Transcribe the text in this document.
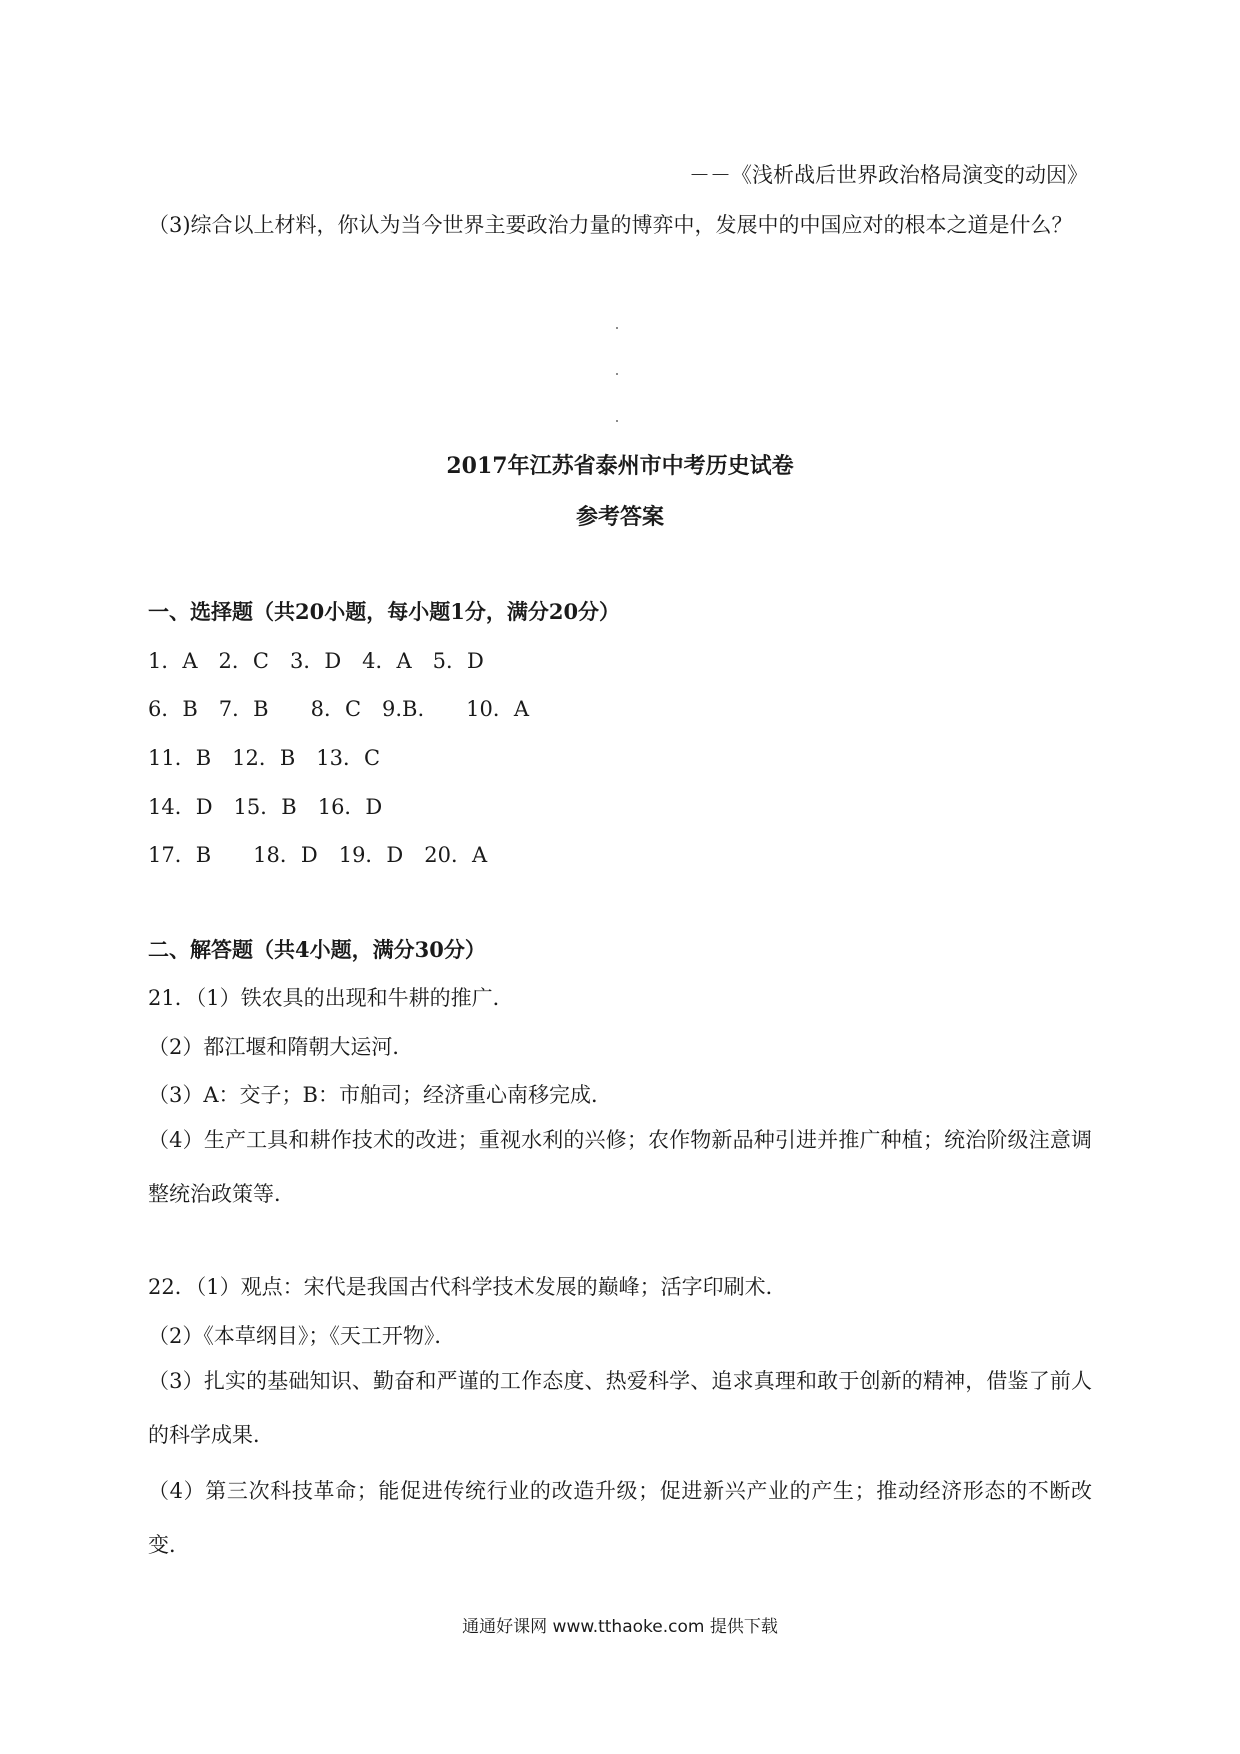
－－《浅析战后世界政治格局演变的动因》
（3)综合以上材料，你认为当今世界主要政治力量的博弈中，发展中的中国应对的根本之道是什么？
2017年江苏省泰州市中考历史试卷
参考答案
一、选择题（共20小题，每小题1分，满分20分）
1．A　2．C　3．D　4．A　5．D
6．B　7．B　　8．C　9.B.　　10．A
11．B　12．B　13．C
14．D　15．B　16．D
17．B　　18．D　19．D　20．A
二、解答题（共4小题，满分30分）
21．（1）铁农具的出现和牛耕的推广．
（2）都江堰和隋朝大运河．
（3）A：交子；B：市舶司；经济重心南移完成．
（4）生产工具和耕作技术的改进；重视水利的兴修；农作物新品种引进并推广种植；统治阶级注意调整统治政策等．
22．（1）观点：宋代是我国古代科学技术发展的巅峰；活字印刷术．
（2）《本草纲目》；《天工开物》．
（3）扎实的基础知识、勤奋和严谨的工作态度、热爱科学、追求真理和敢于创新的精神，借鉴了前人的科学成果．
（4）第三次科技革命；能促进传统行业的改造升级；促进新兴产业的产生；推动经济形态的不断改变．
通通好课网 www.tthaoke.com 提供下载
